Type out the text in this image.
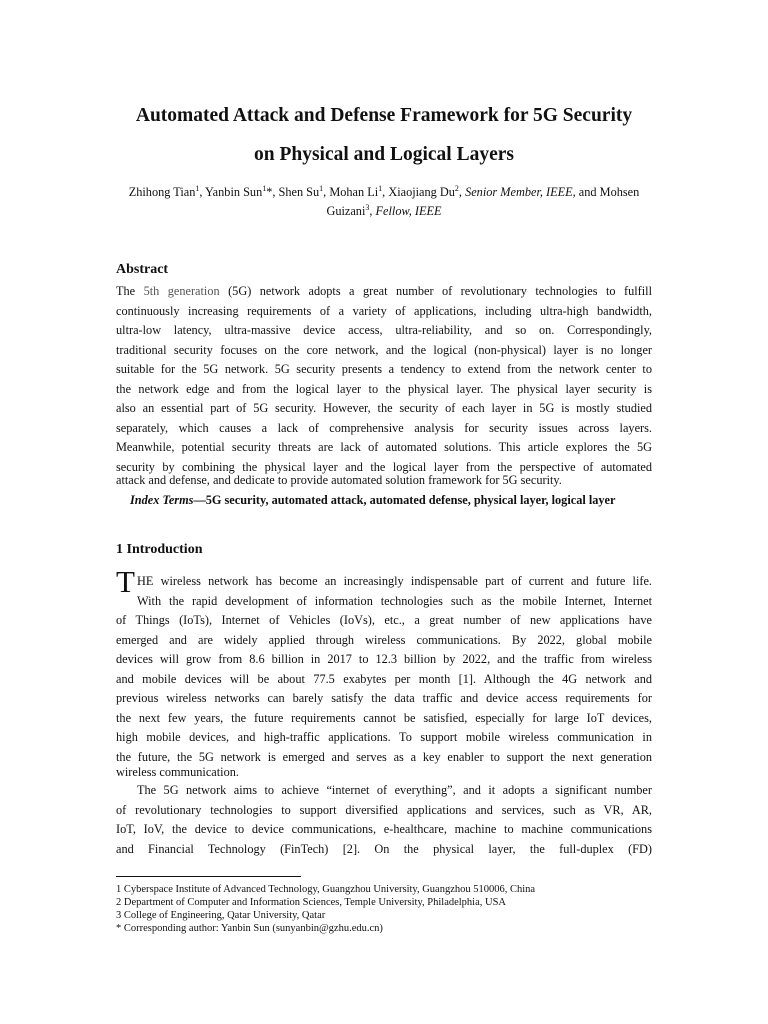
Automated Attack and Defense Framework for 5G Security
on Physical and Logical Layers
Zhihong Tian$^1$, Yanbin Sun$^1$*, Shen Su$^1$, Mohan Li$^1$, Xiaojiang Du$^2$, Senior Member, IEEE, and Mohsen
Guizani$^3$, Fellow, IEEE
Abstract
The 5th generation (5G) network adopts a great number of revolutionary technologies to fulfill
continuously increasing requirements of a variety of applications, including ultra-high bandwidth,
ultra-low latency, ultra-massive device access, ultra-reliability, and so on. Correspondingly,
traditional security focuses on the core network, and the logical (non-physical) layer is no longer
suitable for the 5G network. 5G security presents a tendency to extend from the network center to
the network edge and from the logical layer to the physical layer. The physical layer security is
also an essential part of 5G security. However, the security of each layer in 5G is mostly studied
separately, which causes a lack of comprehensive analysis for security issues across layers.
Meanwhile, potential security threats are lack of automated solutions. This article explores the 5G
security by combining the physical layer and the logical layer from the perspective of automated
attack and defense, and dedicate to provide automated solution framework for 5G security.
Index Terms—5G security, automated attack, automated defense, physical layer, logical layer
1 Introduction
T HE wireless network has become an increasingly indispensable part of current and future life.
With the rapid development of information technologies such as the mobile Internet, Internet
of Things (IoTs), Internet of Vehicles (IoVs), etc., a great number of new applications have
emerged and are widely applied through wireless communications. By 2022, global mobile
devices will grow from 8.6 billion in 2017 to 12.3 billion by 2022, and the traffic from wireless
and mobile devices will be about 77.5 exabytes per month [1]. Although the 4G network and
previous wireless networks can barely satisfy the data traffic and device access requirements for
the next few years, the future requirements cannot be satisfied, especially for large IoT devices,
high mobile devices, and high-traffic applications. To support mobile wireless communication in
the future, the 5G network is emerged and serves as a key enabler to support the next generation
wireless communication.
The 5G network aims to achieve “internet of everything”, and it adopts a significant number
of revolutionary technologies to support diversified applications and services, such as VR, AR,
IoT, IoV, the device to device communications, e-healthcare, machine to machine communications
and Financial Technology (FinTech) [2]. On the physical layer, the full-duplex (FD)
1 Cyberspace Institute of Advanced Technology, Guangzhou University, Guangzhou 510006, China
2 Department of Computer and Information Sciences, Temple University, Philadelphia, USA
3 College of Engineering, Qatar University, Qatar
* Corresponding author: Yanbin Sun (sunyanbin@gzhu.edu.cn)
